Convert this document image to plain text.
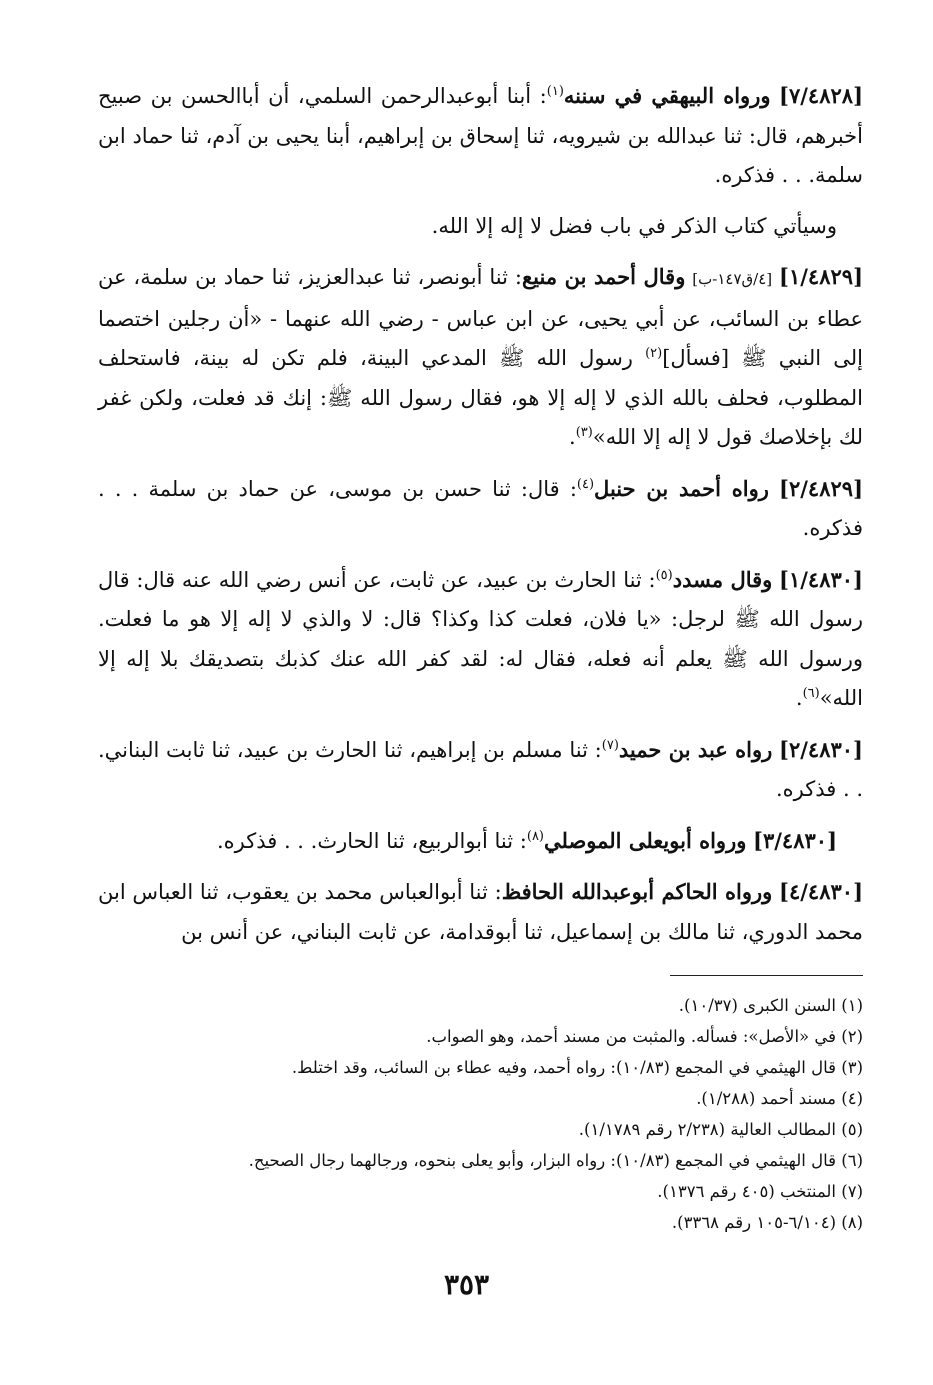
[٧/٤٨٢٨] ورواه البيهقي في سننه$^{(١)}$: أبنا أبوعبدالرحمن السلمي، أن أباالحسن بن صبيح أخبرهم، قال: ثنا عبدالله بن شيرويه، ثنا إسحاق بن إبراهيم، أبنا يحيى بن آدم، ثنا حماد ابن سلمة. . . فذكره.

وسيأتي كتاب الذكر في باب فضل لا إله إلا الله.

[١/٤٨٢٩] [٤/ق١٤٧-ب] وقال أحمد بن منيع: ثنا أبونصر، ثنا عبدالعزيز، ثنا حماد بن سلمة، عن عطاء بن السائب، عن أبي يحيى، عن ابن عباس - رضي الله عنهما - «أن رجلين اختصما إلى النبي ﷺ [فسأل]$^{(٢)}$ رسول الله ﷺ المدعي البينة، فلم تكن له بينة، فاستحلف المطلوب، فحلف بالله الذي لا إله إلا هو، فقال رسول الله ﷺ: إنك قد فعلت، ولكن غفر لك بإخلاصك قول لا إله إلا الله»$^{(٣)}$.

[٢/٤٨٢٩] رواه أحمد بن حنبل$^{(٤)}$: قال: ثنا حسن بن موسى، عن حماد بن سلمة . . . فذكره.

[١/٤٨٣٠] وقال مسدد$^{(٥)}$: ثنا الحارث بن عبيد، عن ثابت، عن أنس رضي الله عنه قال: قال رسول الله ﷺ لرجل: «يا فلان، فعلت كذا وكذا؟ قال: لا والذي لا إله إلا هو ما فعلت. ورسول الله ﷺ يعلم أنه فعله، فقال له: لقد كفر الله عنك كذبك بتصديقك بلا إله إلا الله»$^{(٦)}$.

[٢/٤٨٣٠] رواه عبد بن حميد$^{(٧)}$: ثنا مسلم بن إبراهيم، ثنا الحارث بن عبيد، ثنا ثابت البناني. . . فذكره.

[٣/٤٨٣٠] ورواه أبويعلى الموصلي$^{(٨)}$: ثنا أبوالربيع، ثنا الحارث. . . فذكره.

[٤/٤٨٣٠] ورواه الحاكم أبوعبدالله الحافظ: ثنا أبوالعباس محمد بن يعقوب، ثنا العباس ابن محمد الدوري، ثنا مالك بن إسماعيل، ثنا أبوقدامة، عن ثابت البناني، عن أنس بن

(١) السنن الكبرى (١٠/٣٧).

(٢) في «الأصل»: فسأله. والمثبت من مسند أحمد، وهو الصواب.

(٣) قال الهيثمي في المجمع (١٠/٨٣): رواه أحمد، وفيه عطاء بن السائب، وقد اختلط.

(٤) مسند أحمد (١/٢٨٨).

(٥) المطالب العالية (٢/٢٣٨ رقم ١/١٧٨٩).

(٦) قال الهيثمي في المجمع (١٠/٨٣): رواه البزار، وأبو يعلى بنحوه، ورجالهما رجال الصحيح.

(٧) المنتخب (٤٠٥ رقم ١٣٧٦).

(٨) (٦/١٠٤-١٠٥ رقم ٣٣٦٨).

٣٥٣
